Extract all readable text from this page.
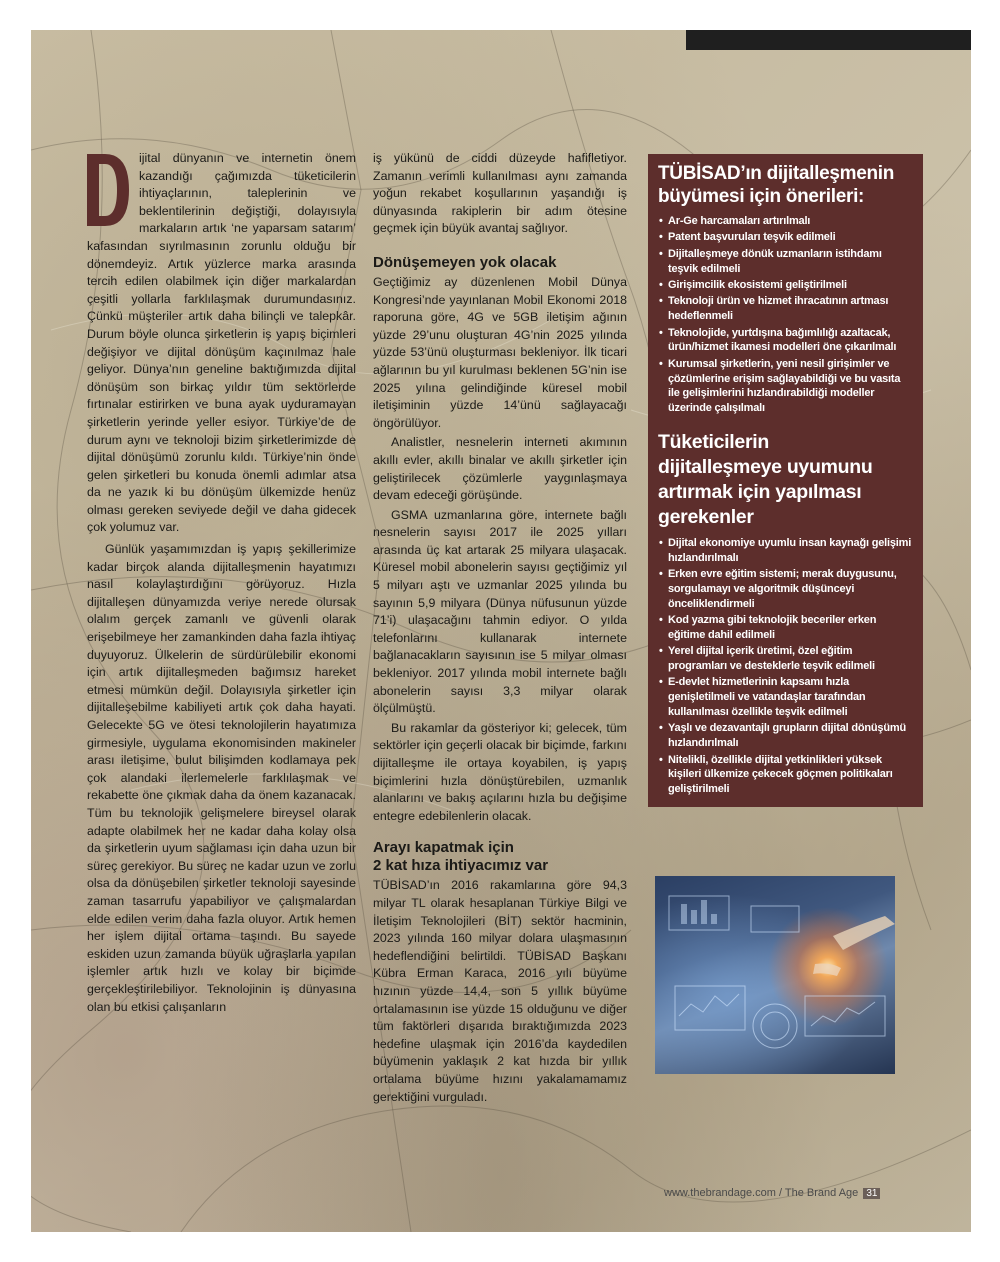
ijital dünyanın ve internetin önem kazandığı çağımızda tüketicilerin ihtiyaçlarının, taleplerinin ve beklentilerinin değiştiği, dolayısıyla markaların artık ‘ne yaparsam satarım’ kafasından sıyrılmasının zorunlu olduğu bir dönemdeyiz. Artık yüzlerce marka arasında tercih edilen olabilmek için diğer markalardan çeşitli yollarla farklılaşmak durumundasınız. Çünkü müşteriler artık daha bilinçli ve talepkâr. Durum böyle olunca şirketlerin iş yapış biçimleri değişiyor ve dijital dönüşüm kaçınılmaz hale geliyor. Dünya’nın geneline baktığımızda dijital dönüşüm son birkaç yıldır tüm sektörlerde fırtınalar estirirken ve buna ayak uyduramayan şirketlerin yerinde yeller esiyor. Türkiye’de de durum aynı ve teknoloji bizim şirketlerimizde de dijital dönüşümü zorunlu kıldı. Türkiye’nin önde gelen şirketleri bu konuda önemli adımlar atsa da ne yazık ki bu dönüşüm ülkemizde henüz olması gereken seviyede değil ve daha gidecek çok yolumuz var.

Günlük yaşamımızdan iş yapış şekillerimize kadar birçok alanda dijitalleşmenin hayatımızı nasıl kolaylaştırdığını görüyoruz. Hızla dijitalleşen dünyamızda veriye nerede olursak olalım gerçek zamanlı ve güvenli olarak erişebilmeye her zamankinden daha fazla ihtiyaç duyuyoruz. Ülkelerin de sürdürülebilir ekonomi için artık dijitalleşmeden bağımsız hareket etmesi mümkün değil. Dolayısıyla şirketler için dijitalleşebilme kabiliyeti artık çok daha hayati. Gelecekte 5G ve ötesi teknolojilerin hayatımıza girmesiyle, uygulama ekonomisinden makineler arası iletişime, bulut bilişimden kodlamaya pek çok alandaki ilerlemelerle farklılaşmak ve rekabette öne çıkmak daha da önem kazanacak. Tüm bu teknolojik gelişmelere bireysel olarak adapte olabilmek her ne kadar daha kolay olsa da şirketlerin uyum sağlaması için daha uzun bir süreç gerekiyor. Bu süreç ne kadar uzun ve zorlu olsa da dönüşebilen şirketler teknoloji sayesinde zaman tasarrufu yapabiliyor ve çalışmalardan elde edilen verim daha fazla oluyor. Artık hemen her işlem dijital ortama taşındı. Bu sayede eskiden uzun zamanda büyük uğraşlarla yapılan işlemler artık hızlı ve kolay bir biçimde gerçekleştirilebiliyor. Teknolojinin iş dünyasına olan bu etkisi çalışanların

iş yükünü de ciddi düzeyde hafifletiyor. Zamanın verimli kullanılması aynı zamanda yoğun rekabet koşullarının yaşandığı iş dünyasında rakiplerin bir adım ötesine geçmek için büyük avantaj sağlıyor.

Dönüşemeyen yok olacak

Geçtiğimiz ay düzenlenen Mobil Dünya Kongresi’nde yayınlanan Mobil Ekonomi 2018 raporuna göre, 4G ve 5GB iletişim ağının yüzde 29’unu oluşturan 4G’nin 2025 yılında yüzde 53’ünü oluşturması bekleniyor. İlk ticari ağlarının bu yıl kurulması beklenen 5G’nin ise 2025 yılına gelindiğinde küresel mobil iletişiminin yüzde 14’ünü sağlayacağı öngörülüyor.

Analistler, nesnelerin interneti akımının akıllı evler, akıllı binalar ve akıllı şirketler için geliştirilecek çözümlerle yaygınlaşmaya devam edeceği görüşünde.

GSMA uzmanlarına göre, internete bağlı nesnelerin sayısı 2017 ile 2025 yılları arasında üç kat artarak 25 milyara ulaşacak. Küresel mobil abonelerin sayısı geçtiğimiz yıl 5 milyarı aştı ve uzmanlar 2025 yılında bu sayının 5,9 milyara (Dünya nüfusunun yüzde 71’i) ulaşacağını tahmin ediyor. O yılda telefonlarını kullanarak internete bağlanacakların sayısının ise 5 milyar olması bekleniyor. 2017 yılında mobil internete bağlı abonelerin sayısı 3,3 milyar olarak ölçülmüştü.

Bu rakamlar da gösteriyor ki; gelecek, tüm sektörler için geçerli olacak bir biçimde, farkını dijitalleşme ile ortaya koyabilen, iş yapış biçimlerini hızla dönüştürebilen, uzmanlık alanlarını ve bakış açılarını hızla bu değişime entegre edebilenlerin olacak.

Arayı kapatmak için
2 kat hıza ihtiyacımız var

TÜBİSAD’ın 2016 rakamlarına göre 94,3 milyar TL olarak hesaplanan Türkiye Bilgi ve İletişim Teknolojileri (BİT) sektör hacminin, 2023 yılında 160 milyar dolara ulaşmasının hedeflendiğini belirtildi. TÜBİSAD Başkanı Kübra Erman Karaca, 2016 yılı büyüme hızının yüzde 14,4, son 5 yıllık büyüme ortalamasının ise yüzde 15 olduğunu ve diğer tüm faktörleri dışarıda bıraktığımızda 2023 hedefine ulaşmak için 2016’da kaydedilen büyümenin yaklaşık 2 kat hızda bir yıllık ortalama büyüme hızını yakalamamamız gerektiğini vurguladı.

TÜBİSAD’ın dijitalleşmenin
büyümesi için önerileri:
• Ar-Ge harcamaları artırılmalı
• Patent başvuruları teşvik edilmeli
• Dijitalleşmeye dönük uzmanların istihdamı teşvik edilmeli
• Girişimcilik ekosistemi geliştirilmeli
• Teknoloji ürün ve hizmet ihracatının artması hedeflenmeli
• Teknolojide, yurtdışına bağımlılığı azaltacak, ürün/hizmet ikamesi modelleri öne çıkarılmalı
• Kurumsal şirketlerin, yeni nesil girişimler ve çözümlerine erişim sağlayabildiği ve bu vasıta ile gelişimlerini hızlandırabildiği modeller üzerinde çalışılmalı
Tüketicilerin
dijitalleşmeye uyumunu
artırmak için yapılması
gerekenler
• Dijital ekonomiye uyumlu insan kaynağı gelişimi hızlandırılmalı
• Erken evre eğitim sistemi; merak duygusunu, sorgulamayı ve algoritmik düşünceyi önceliklendirmeli
• Kod yazma gibi teknolojik beceriler erken eğitime dahil edilmeli
• Yerel dijital içerik üretimi, özel eğitim programları ve desteklerle teşvik edilmeli
• E-devlet hizmetlerinin kapsamı hızla genişletilmeli ve vatandaşlar tarafından kullanılması özellikle teşvik edilmeli
• Yaşlı ve dezavantajlı grupların dijital dönüşümü hızlandırılmalı
• Nitelikli, özellikle dijital yetkinlikleri yüksek kişileri ülkemize çekecek göçmen politikaları geliştirilmeli
www.thebrandage.com / The Brand Age 31
